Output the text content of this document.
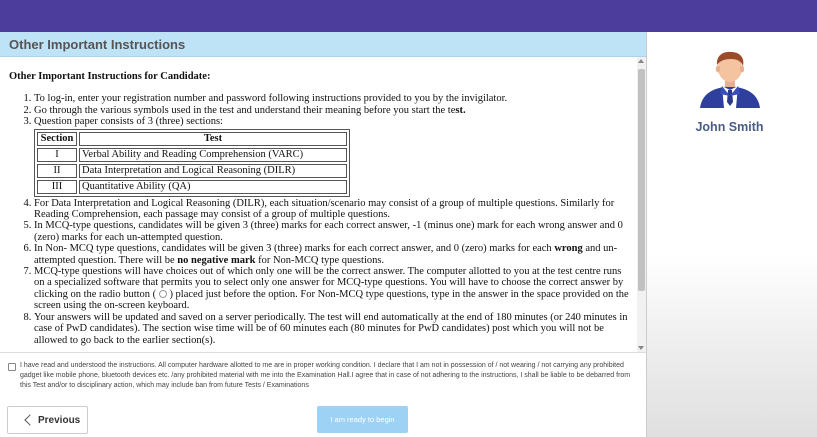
Other Important Instructions
Other Important Instructions for Candidate:
1. To log-in, enter your registration number and password following instructions provided to you by the invigilator.
2. Go through the various symbols used in the test and understand their meaning before you start the test.
3. Question paper consists of 3 (three) sections:
Section	Test
I	Verbal Ability and Reading Comprehension (VARC)
II	Data Interpretation and Logical Reasoning (DILR)
III	Quantitative Ability (QA)
4. For Data Interpretation and Logical Reasoning (DILR), each situation/scenario may consist of a group of multiple questions. Similarly for Reading Comprehension, each passage may consist of a group of multiple questions.
5. In MCQ-type questions, candidates will be given 3 (three) marks for each correct answer, -1 (minus one) mark for each wrong answer and 0 (zero) marks for each un-attempted question.
6. In Non- MCQ type questions, candidates will be given 3 (three) marks for each correct answer, and 0 (zero) marks for each wrong and un-attempted question. There will be no negative mark for Non-MCQ type questions.
7. MCQ-type questions will have choices out of which only one will be the correct answer. The computer allotted to you at the test centre runs on a specialized software that permits you to select only one answer for MCQ-type questions. You will have to choose the correct answer by clicking on the radio button (  ) placed just before the option. For Non-MCQ type questions, type in the answer in the space provided on the screen using the on-screen keyboard.
8. Your answers will be updated and saved on a server periodically. The test will end automatically at the end of 180 minutes (or 240 minutes in case of PwD candidates). The section wise time will be of 60 minutes each (80 minutes for PwD candidates) post which you will not be allowed to go back to the earlier section(s).
I have read and understood the instructions. All computer hardware allotted to me are in proper working condition. I declare that I am not in possession of / not wearing / not carrying any prohibited gadget like mobile phone, bluetooth devices etc. /any prohibited material with me into the Examination Hall.I agree that in case of not adhering to the instructions, I shall be liable to be debarred from this Test and/or to disciplinary action, which may include ban from future Tests / Examinations
Previous	I am ready to begin
John Smith
